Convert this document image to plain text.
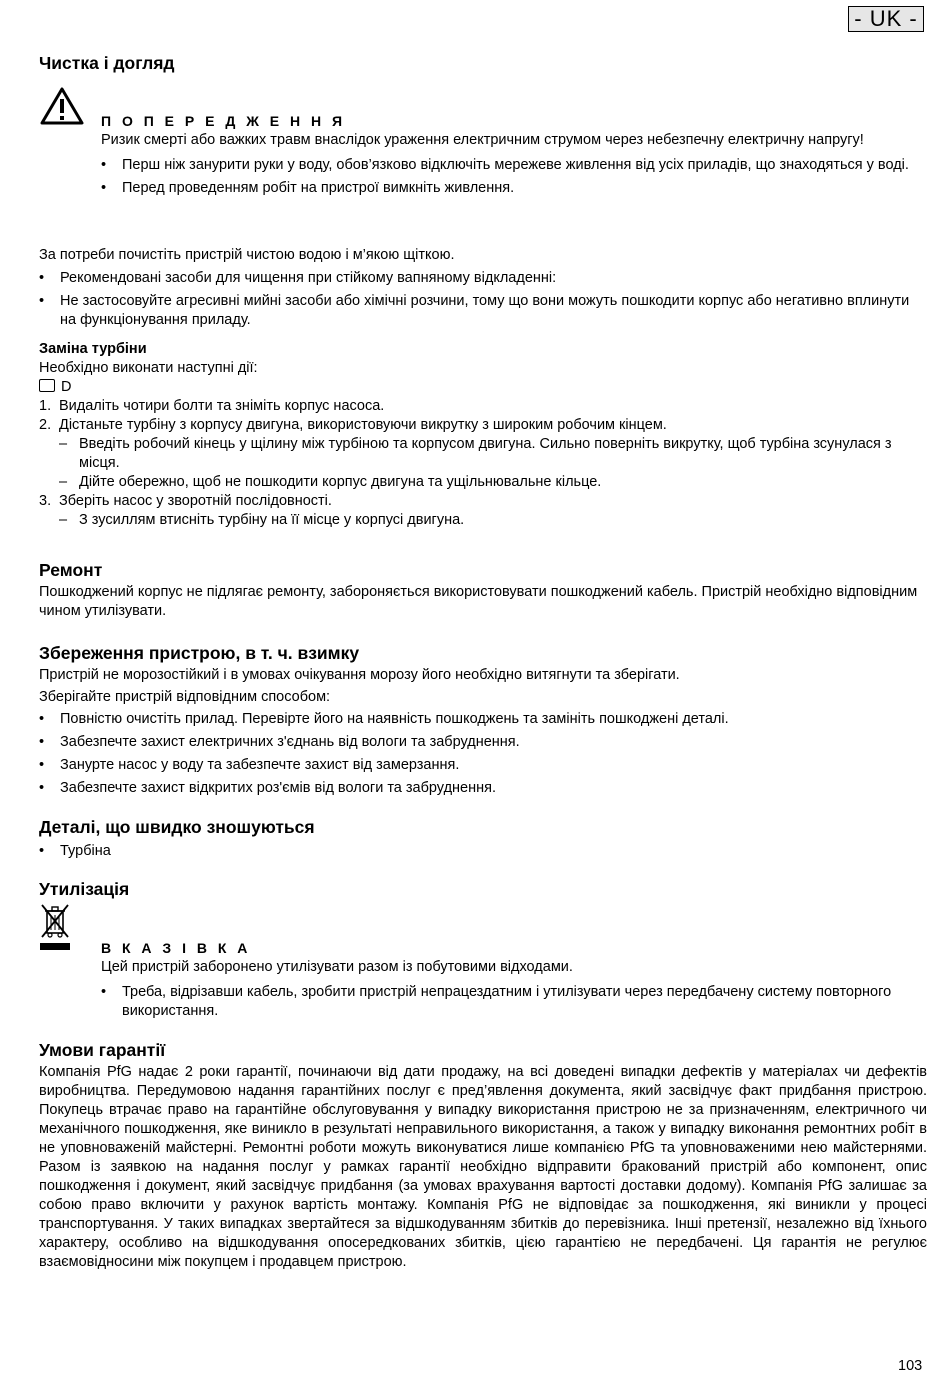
- UK -
Чистка і догляд
П О П Е Р Е Д Ж Е Н Н Я

Ризик смерті або важких травм внаслідок ураження електричним струмом через небезпечну електричну напругу!

• Перш ніж занурити руки у воду, обов’язково відключіть мережеве живлення від усіх приладів, що знаходяться у воді.
• Перед проведенням робіт на пристрої вимкніть живлення.

За потреби почистіть пристрій чистою водою і м’якою щіткою.

• Рекомендовані засоби для чищення при стійкому вапняному відкладенні:
• Не застосовуйте агресивні мийні засоби або хімічні розчини, тому що вони можуть пошкодити корпус або негативно вплинути на функціонування приладу.
Заміна турбіни

Необхідно виконати наступні дії:

D

1. Видаліть чотири болти та зніміть корпус насоса.
2. Дістаньте турбіну з корпусу двигуна, використовуючи викрутку з широким робочим кінцем.
– Введіть робочий кінець у щілину між турбіною та корпусом двигуна. Сильно поверніть викрутку, щоб турбіна зсунулася з місця.
– Дійте обережно, щоб не пошкодити корпус двигуна та ущільнювальне кільце.
3. Зберіть насос у зворотній послідовності.
– З зусиллям втисніть турбіну на її місце у корпусі двигуна.
Ремонт

Пошкоджений корпус не підлягає ремонту, забороняється використовувати пошкоджений кабель. Пристрій необхідно відповідним чином утилізувати.

Збереження пристрою, в т. ч. взимку

Пристрій не морозостійкий і в умовах очікування морозу його необхідно витягнути та зберігати.

Зберігайте пристрій відповідним способом:

• Повністю очистіть прилад. Перевірте його на наявність пошкоджень та замініть пошкоджені деталі.
• Забезпечте захист електричних з'єднань від вологи та забруднення.
• Занурте насос у воду та забезпечте захист від замерзання.
• Забезпечте захист відкритих роз'ємів від вологи та забруднення.
Деталі, що швидко зношуються
• Турбіна
Утилізація
В К А З І В К А

Цей пристрій заборонено утилізувати разом із побутовими відходами.

• Треба, відрізавши кабель, зробити пристрій непрацездатним і утилізувати через передбачену систему повторного використання.
Умови гарантії

Компанія PfG надає 2 роки гарантії, починаючи від дати продажу, на всі доведені випадки дефектів у матеріалах чи дефектів виробництва. Передумовою надання гарантійних послуг є пред’явлення документа, який засвідчує факт придбання пристрою. Покупець втрачає право на гарантійне обслуговування у випадку використання пристрою не за призначенням, електричного чи механічного пошкодження, яке виникло в результаті неправильного використання, а також у випадку виконання ремонтних робіт в не уповноваженій майстерні. Ремонтні роботи можуть виконуватися лише компанією PfG та уповноваженими нею майстернями. Разом із заявкою на надання послуг у рамках гарантії необхідно відправити бракований пристрій або компонент, опис пошкодження і документ, який засвідчує придбання (за умовах врахування вартості доставки додому). Компанія PfG залишає за собою право включити у рахунок вартість монтажу. Компанія PfG не відповідає за пошкодження, які виникли у процесі транспортування. У таких випадках звертайтеся за відшкодуванням збитків до перевізника. Інші претензії, незалежно від їхнього характеру, особливо на відшкодування опосередкованих збитків, цією гарантією не передбачені. Ця гарантія не регулює взаємовідносини між покупцем і продавцем пристрою.

103
